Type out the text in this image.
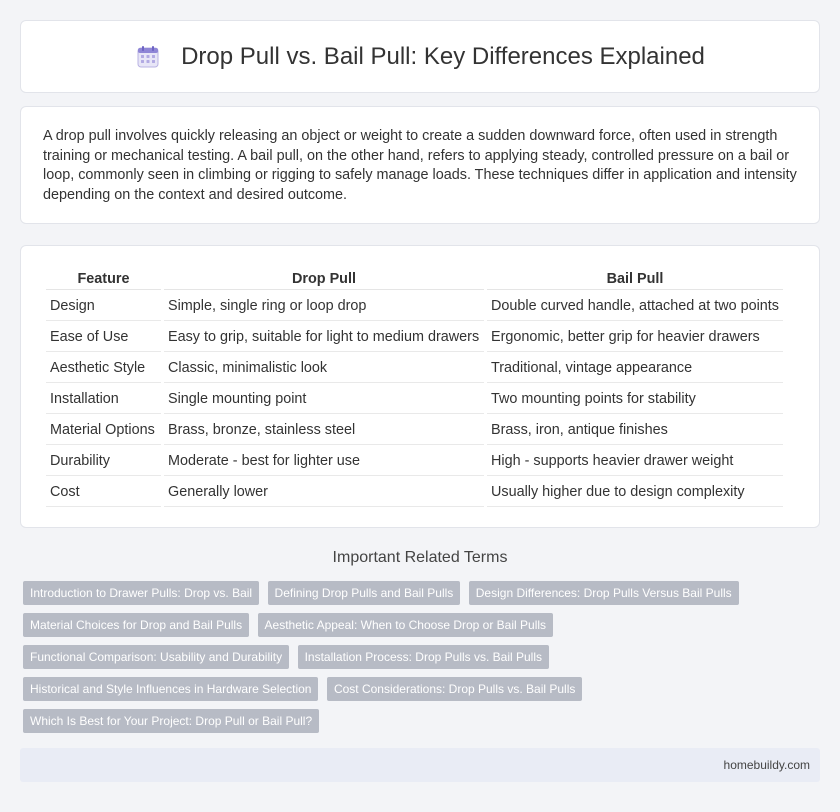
Drop Pull vs. Bail Pull: Key Differences Explained

A drop pull involves quickly releasing an object or weight to create a sudden downward force, often used in strength training or mechanical testing. A bail pull, on the other hand, refers to applying steady, controlled pressure on a bail or loop, commonly seen in climbing or rigging to safely manage loads. These techniques differ in application and intensity depending on the context and desired outcome.

Feature	Drop Pull	Bail Pull
Design	Simple, single ring or loop drop	Double curved handle, attached at two points
Ease of Use	Easy to grip, suitable for light to medium drawers	Ergonomic, better grip for heavier drawers
Aesthetic Style	Classic, minimalistic look	Traditional, vintage appearance
Installation	Single mounting point	Two mounting points for stability
Material Options	Brass, bronze, stainless steel	Brass, iron, antique finishes
Durability	Moderate - best for lighter use	High - supports heavier drawer weight
Cost	Generally lower	Usually higher due to design complexity
Important Related Terms
Introduction to Drawer Pulls: Drop vs. Bail Defining Drop Pulls and Bail Pulls Design Differences: Drop Pulls Versus Bail Pulls
Material Choices for Drop and Bail Pulls Aesthetic Appeal: When to Choose Drop or Bail Pulls
Functional Comparison: Usability and Durability Installation Process: Drop Pulls vs. Bail Pulls
Historical and Style Influences in Hardware Selection Cost Considerations: Drop Pulls vs. Bail Pulls
Which Is Best for Your Project: Drop Pull or Bail Pull?
homebuildy.com
